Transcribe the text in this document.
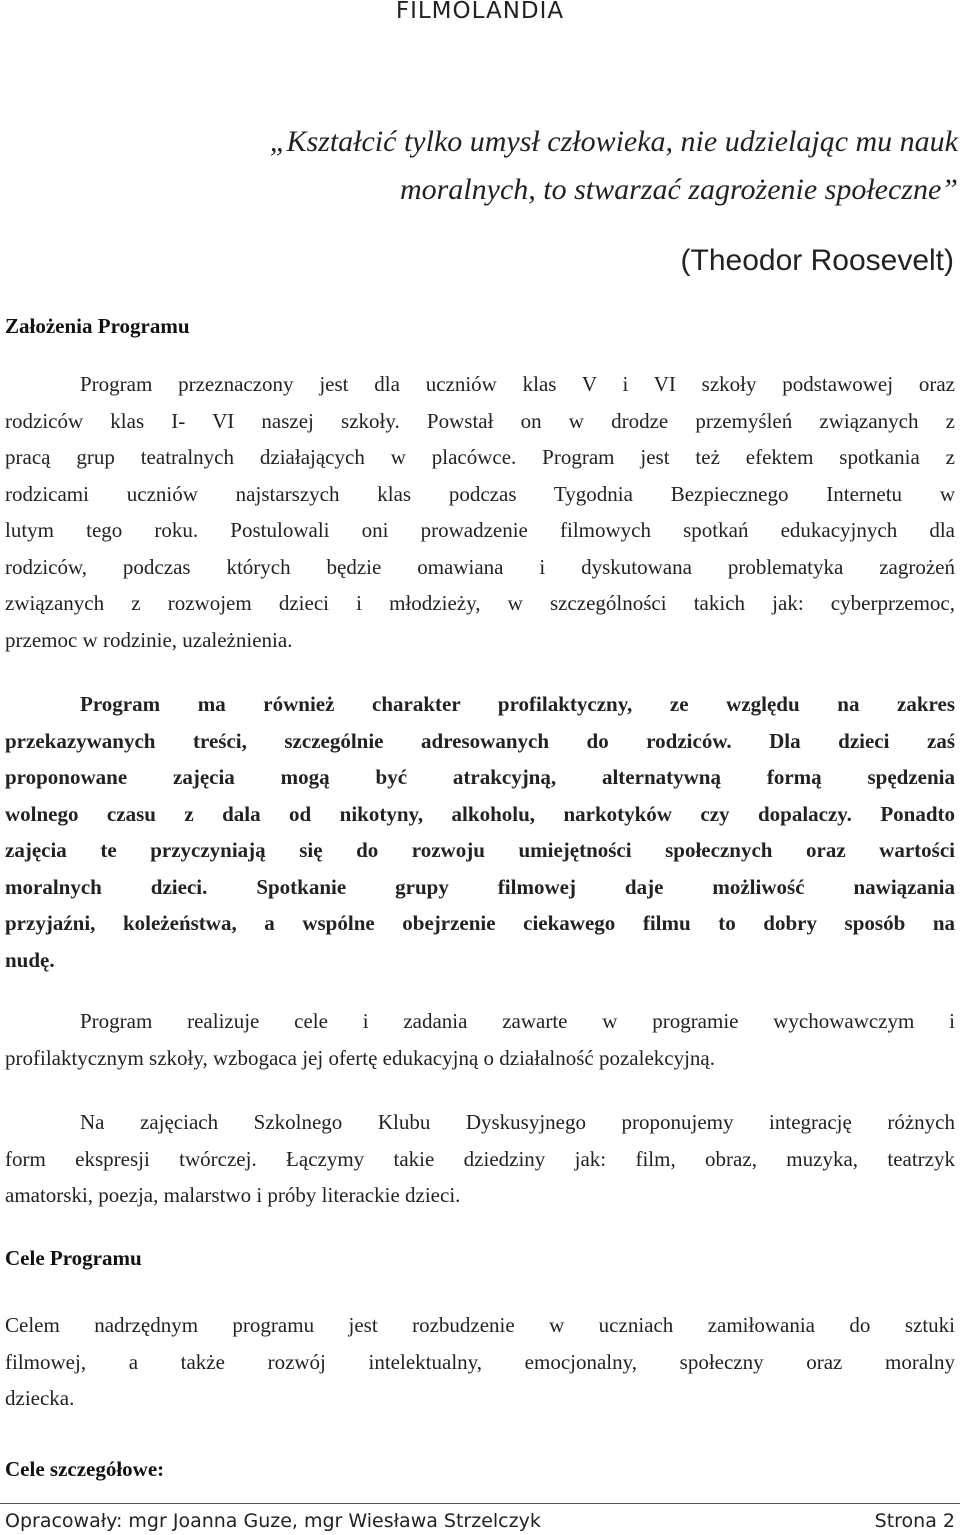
FILMOLANDIA
„Kształcić tylko umysł człowieka, nie udzielając mu nauk
moralnych, to stwarzać zagrożenie społeczne”
(Theodor Roosevelt)
Założenia Programu
Program przeznaczony jest dla uczniów klas V i VI szkoły podstawowej oraz
rodziców klas I- VI naszej szkoły. Powstał on w drodze przemyśleń związanych z
pracą grup teatralnych działających w placówce. Program jest też efektem spotkania z
rodzicami uczniów najstarszych klas podczas Tygodnia Bezpiecznego Internetu w
lutym tego roku. Postulowali oni prowadzenie filmowych spotkań edukacyjnych dla
rodziców, podczas których będzie omawiana i dyskutowana problematyka zagrożeń
związanych z rozwojem dzieci i młodzieży, w szczególności takich jak: cyberprzemoc,
przemoc w rodzinie, uzależnienia.
Program ma również charakter profilaktyczny, ze względu na zakres
przekazywanych treści, szczególnie adresowanych do rodziców. Dla dzieci zaś
proponowane zajęcia mogą być atrakcyjną, alternatywną formą spędzenia
wolnego czasu z dala od nikotyny, alkoholu, narkotyków czy dopalaczy. Ponadto
zajęcia te przyczyniają się do rozwoju umiejętności społecznych oraz wartości
moralnych dzieci. Spotkanie grupy filmowej daje możliwość nawiązania
przyjaźni, koleżeństwa, a wspólne obejrzenie ciekawego filmu to dobry sposób na
nudę.
Program realizuje cele i zadania zawarte w programie wychowawczym i
profilaktycznym szkoły, wzbogaca jej ofertę edukacyjną o działalność pozalekcyjną.
Na zajęciach Szkolnego Klubu Dyskusyjnego proponujemy integrację różnych
form ekspresji twórczej. Łączymy takie dziedziny jak: film, obraz, muzyka, teatrzyk
amatorski, poezja, malarstwo i próby literackie dzieci.
Cele Programu
Celem nadrzędnym programu jest rozbudzenie w uczniach zamiłowania do sztuki
filmowej, a także rozwój intelektualny, emocjonalny, społeczny oraz moralny
dziecka.
Cele szczegółowe:
Opracowały: mgr Joanna Guze, mgr Wiesława Strzelczyk	Strona 2
